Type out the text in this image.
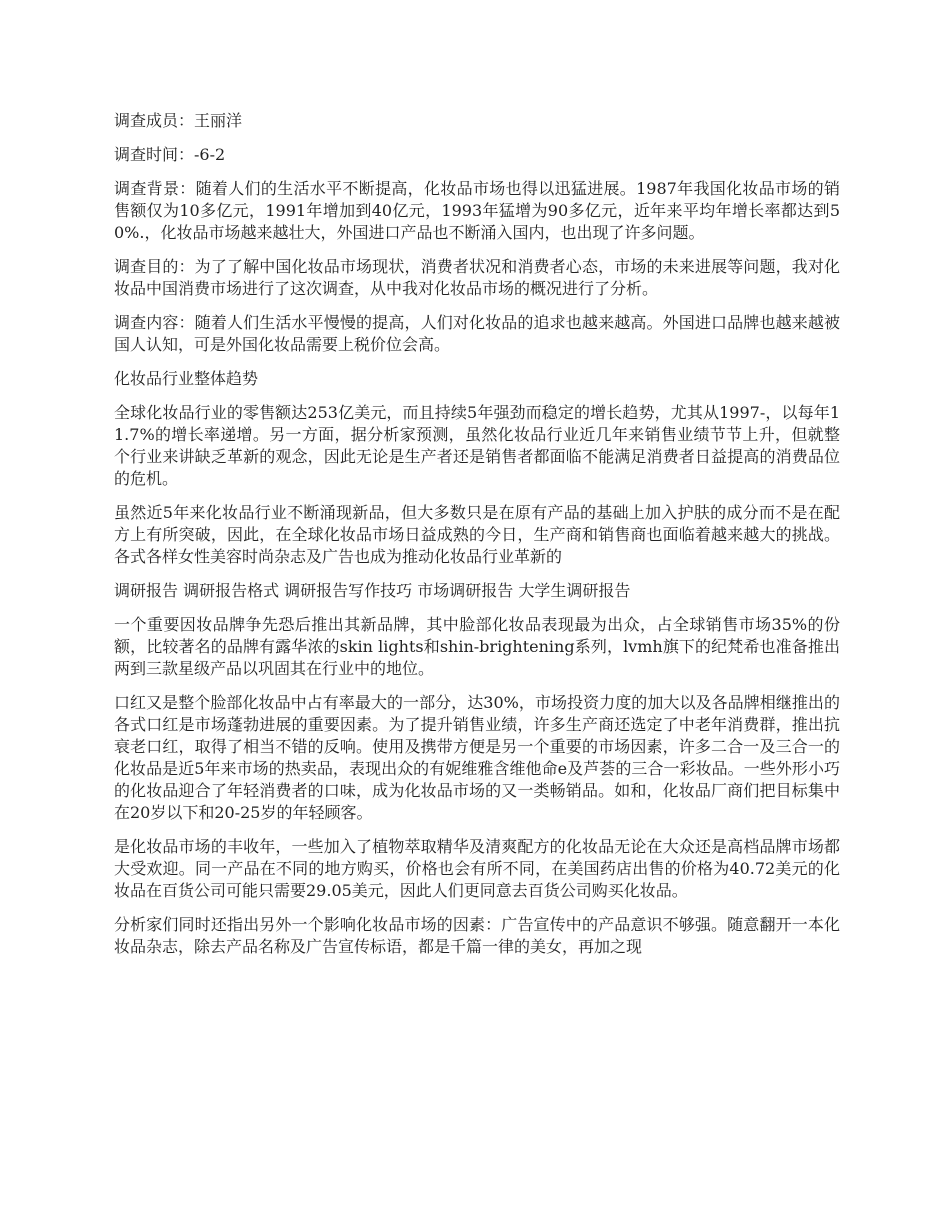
调查成员：王丽洋

调查时间：-6-2

调查背景：随着人们的生活水平不断提高，化妆品市场也得以迅猛进展。1987年我国化妆品市场的销售额仅为10多亿元，1991年增加到40亿元，1993年猛增为90多亿元，近年来平均年增长率都达到50%.，化妆品市场越来越壮大，外国进口产品也不断涌入国内，也出现了许多问题。

调查目的：为了了解中国化妆品市场现状，消费者状况和消费者心态，市场的未来进展等问题，我对化妆品中国消费市场进行了这次调查，从中我对化妆品市场的概况进行了分析。

调查内容：随着人们生活水平慢慢的提高，人们对化妆品的追求也越来越高。外国进口品牌也越来越被国人认知，可是外国化妆品需要上税价位会高。

化妆品行业整体趋势

全球化妆品行业的零售额达253亿美元，而且持续5年强劲而稳定的增长趋势，尤其从1997-，以每年11.7%的增长率递增。另一方面，据分析家预测，虽然化妆品行业近几年来销售业绩节节上升，但就整个行业来讲缺乏革新的观念，因此无论是生产者还是销售者都面临不能满足消费者日益提高的消费品位的危机。

虽然近5年来化妆品行业不断涌现新品，但大多数只是在原有产品的基础上加入护肤的成分而不是在配方上有所突破，因此，在全球化妆品市场日益成熟的今日，生产商和销售商也面临着越来越大的挑战。各式各样女性美容时尚杂志及广告也成为推动化妆品行业革新的

调研报告 调研报告格式 调研报告写作技巧 市场调研报告 大学生调研报告

一个重要因妆品牌争先恐后推出其新品牌，其中脸部化妆品表现最为出众，占全球销售市场35%的份额，比较著名的品牌有露华浓的skin lights和shin-brightening系列，lvmh旗下的纪梵希也准备推出两到三款星级产品以巩固其在行业中的地位。

口红又是整个脸部化妆品中占有率最大的一部分，达30%，市场投资力度的加大以及各品牌相继推出的各式口红是市场蓬勃进展的重要因素。为了提升销售业绩，许多生产商还选定了中老年消费群，推出抗衰老口红，取得了相当不错的反响。使用及携带方便是另一个重要的市场因素，许多二合一及三合一的化妆品是近5年来市场的热卖品，表现出众的有妮维雅含维他命e及芦荟的三合一彩妆品。一些外形小巧的化妆品迎合了年轻消费者的口味，成为化妆品市场的又一类畅销品。如和，化妆品厂商们把目标集中在20岁以下和20-25岁的年轻顾客。

是化妆品市场的丰收年，一些加入了植物萃取精华及清爽配方的化妆品无论在大众还是高档品牌市场都大受欢迎。同一产品在不同的地方购买，价格也会有所不同，在美国药店出售的价格为40.72美元的化妆品在百货公司可能只需要29.05美元，因此人们更同意去百货公司购买化妆品。

分析家们同时还指出另外一个影响化妆品市场的因素：广告宣传中的产品意识不够强。随意翻开一本化妆品杂志，除去产品名称及广告宣传标语，都是千篇一律的美女，再加之现
